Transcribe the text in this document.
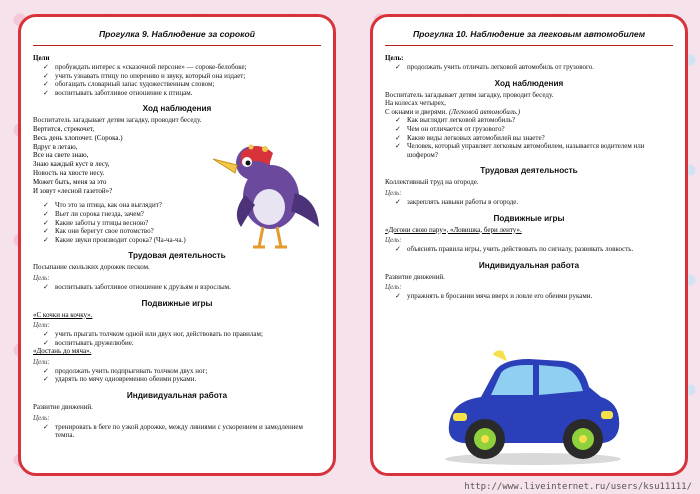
Прогулка 9. Наблюдение за сорокой
Цели
✓ пробуждать интерес к «сказочной персоне» — сороке-белобоке;
✓ учить узнавать птицу по оперению и звуку, который она издает;
✓ обогащать словарный запас художественным словом;
✓ воспитывать заботливое отношение к птицам.
Ход наблюдения

Воспитатель загадывает детям загадку, проводит беседу.

Вертится, стрекочет,

Весь день хлопочет. (Сорока.)

Вдруг в летаю,

Все на свете знаю,

Знаю каждый куст в лесу,

Новость на хвосте несу.

Может быть, меня за это

И зовут «лесной газетой»?

✓ Что это за птица, как она выглядит?
✓ Вьет ли сорока гнезда, зачем?
✓ Какие заботы у птицы весною?
✓ Как они берегут свое потомство?
✓ Какие звуки производит сорока? (Ча-ча-ча.)
Трудовая деятельность

Посыпание скользких дорожек песком.

Цель:
✓ воспитывать заботливое отношение к друзьям и взрослым.
Подвижные игры
«С кочки на кочку».
Цели:
✓ учить прыгать толчком одной или двух ног, действовать по правилам;
✓ воспитывать дружелюбие.
«Достань до мяча».
Цели:
✓ продолжать учить подпрыгивать толчком двух ног;
✓ ударять по мячу одновременно обеими руками.
Индивидуальная работа

Развитие движений.

Цель:
✓ тренировать в беге по узкой дорожке, между линиями с ускорением и замедлением темпа.
Прогулка 10. Наблюдение за легковым автомобилем
Цель:
✓ продолжать учить отличать легковой автомобиль от грузового.
Ход наблюдения

Воспитатель загадывает детям загадку, проводит беседу.

На колесах четырех,

С окнами и дверями. (Легковой автомобиль.)

✓ Как выглядит легковой автомобиль?
✓ Чем он отличается от грузового?
✓ Какие виды легковых автомобилей вы знаете?
✓ Человек, который управляет легковым автомобилем, называется водителем или шофером?
Трудовая деятельность

Коллективный труд на огороде.

Цель:
✓ закреплять навыки работы в огороде.
Подвижные игры
«Догони свою пару», «Ловишка, бери ленту».
Цель:
✓ объяснять правила игры, учить действовать по сигналу, развивать ловкость.
Индивидуальная работа

Развитие движений.

Цель:
✓ упражнять в бросании мяча вверх и ловле его обеими руками.
http://www.liveinternet.ru/users/ksu11111/
